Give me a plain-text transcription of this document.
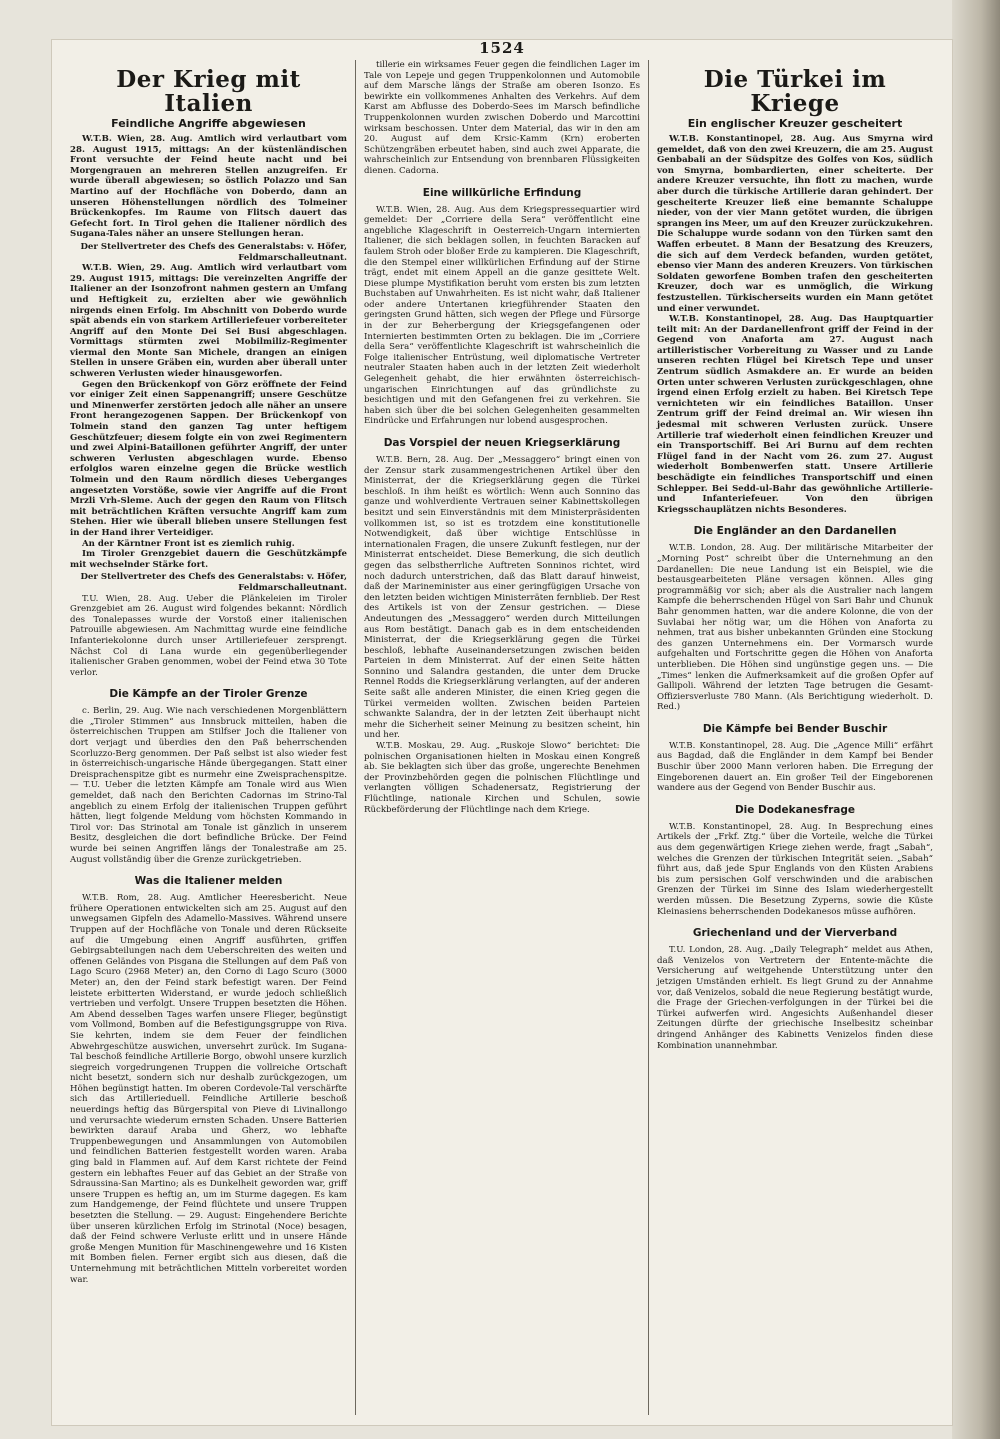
1524
Der Krieg mit Italien
Feindliche Angriffe abgewiesen

W.T.B. Wien, 28. Aug. Amtlich wird verlautbart vom 28. August 1915, mittags: An der küstenländischen Front versuchte der Feind heute nacht und bei Morgengrauen an mehreren Stellen anzugreifen. Er wurde überall abgewiesen; so östlich Polazzo und San Martino auf der Hochfläche von Doberdo, dann an unseren Höhenstellungen nördlich des Tolmeiner Brückenkopfes. Im Raume von Flitsch dauert das Gefecht fort. In Tirol gehen die Italiener nördlich des Sugana-Tales näher an unsere Stellungen heran.

Der Stellvertreter des Chefs des Generalstabs: v. Höfer, Feldmarschalleutnant.

W.T.B. Wien, 29. Aug. Amtlich wird verlautbart vom 29. August 1915, mittags: Die vereinzelten Angriffe der Italiener an der Isonzofront nahmen gestern an Umfang und Heftigkeit zu, erzielten aber wie gewöhnlich nirgends einen Erfolg. Im Abschnitt von Doberdo wurde spät abends ein von starkem Artilleriefeuer vorbereiteter Angriff auf den Monte Dei Sei Busi abgeschlagen. Vormittags stürmten zwei Mobilmiliz-Regimenter viermal den Monte San Michele, drangen an einigen Stellen in unsere Gräben ein, wurden aber überall unter schweren Verlusten wieder hinausgeworfen.

Gegen den Brückenkopf von Görz eröffnete der Feind vor einiger Zeit einen Sappenangriff; unsere Geschütze und Minenwerfer zerstörten jedoch alle näher an unsere Front herangezogenen Sappen. Der Brückenkopf von Tolmein stand den ganzen Tag unter heftigem Geschützfeuer; diesem folgte ein von zwei Regimentern und zwei Alpini-Bataillonen geführter Angriff, der unter schweren Verlusten abgeschlagen wurde. Ebenso erfolglos waren einzelne gegen die Brücke westlich Tolmein und den Raum nördlich dieses Ueberganges angesetzten Vorstöße, sowie vier Angriffe auf die Front Mrzli Vrh-Sleme. Auch der gegen den Raum von Flitsch mit beträchtlichen Kräften versuchte Angriff kam zum Stehen. Hier wie überall blieben unsere Stellungen fest in der Hand ihrer Verteidiger.

An der Kärntner Front ist es ziemlich ruhig.

Im Tiroler Grenzgebiet dauern die Geschützkämpfe mit wechselnder Stärke fort.

Der Stellvertreter des Chefs des Generalstabs: v. Höfer, Feldmarschalleutnant.

T.U. Wien, 28. Aug. Ueber die Plänkeleien im Tiroler Grenzgebiet am 26. August wird folgendes bekannt: Nördlich des Tonalepasses wurde der Vorstoß einer italienischen Patrouille abgewiesen. Am Nachmittag wurde eine feindliche Infanteriekolonne durch unser Artilleriefeuer zersprengt. Nächst Col di Lana wurde ein gegenüberliegender italienischer Graben genommen, wobei der Feind etwa 30 Tote verlor.

Die Kämpfe an der Tiroler Grenze

c. Berlin, 29. Aug. Wie nach verschiedenen Morgenblättern die „Tiroler Stimmen“ aus Innsbruck mitteilen, haben die österreichischen Truppen am Stilfser Joch die Italiener von dort verjagt und überdies den den Paß beherrschenden Scorluzzo-Berg genommen. Der Paß selbst ist also wieder fest in österreichisch-ungarische Hände übergegangen. Statt einer Dreisprachenspitze gibt es nurmehr eine Zweisprachenspitze. — T.U. Ueber die letzten Kämpfe am Tonale wird aus Wien gemeldet, daß nach den Berichten Cadornas im Strino-Tal angeblich zu einem Erfolg der italienischen Truppen geführt hätten, liegt folgende Meldung vom höchsten Kommando in Tirol vor: Das Strinotal am Tonale ist gänzlich in unserem Besitz, desgleichen die dort befindliche Brücke. Der Feind wurde bei seinen Angriffen längs der Tonalestraße am 25. August vollständig über die Grenze zurückgetrieben.

Was die Italiener melden

W.T.B. Rom, 28. Aug. Amtlicher Heeresbericht. Neue frühere Operationen entwickelten sich am 25. August auf den unwegsamen Gipfeln des Adamello-Massives. Während unsere Truppen auf der Hochfläche von Tonale und deren Rückseite auf die Umgebung einen Angriff ausführten, griffen Gebirgsabteilungen nach dem Ueberschreiten des weiten und offenen Geländes von Pisgana die Stellungen auf dem Paß von Lago Scuro (2968 Meter) an, den Corno di Lago Scuro (3000 Meter) an, den der Feind stark befestigt waren. Der Feind leistete erbitterten Widerstand, er wurde jedoch schließlich vertrieben und verfolgt. Unsere Truppen besetzten die Höhen. Am Abend desselben Tages warfen unsere Flieger, begünstigt vom Vollmond, Bomben auf die Befestigungsgruppe von Riva. Sie kehrten, indem sie dem Feuer der feindlichen Abwehrgeschütze auswichen, unversehrt zurück. Im Sugana-Tal beschoß feindliche Artillerie Borgo, obwohl unsere kurzlich siegreich vorgedrungenen Truppen die vollreiche Ortschaft nicht besetzt, sondern sich nur deshalb zurückgezogen, um Höhen begünstigt hatten. Im oberen Cordevole-Tal verschärfte sich das Artillerieduell. Feindliche Artillerie beschoß neuerdings heftig das Bürgerspital von Pieve di Livinallongo und verursachte wiederum ernsten Schaden. Unsere Batterien bewirkten darauf Araba und Gherz, wo lebhafte Truppenbewegungen und Ansammlungen von Automobilen und feindlichen Batterien festgestellt worden waren. Araba ging bald in Flammen auf. Auf dem Karst richtete der Feind gestern ein lebhaftes Feuer auf das Gebiet an der Straße von Sdraussina-San Martino; als es Dunkelheit geworden war, griff unsere Truppen es heftig an, um im Sturme dagegen. Es kam zum Handgemenge, der Feind flüchtete und unsere Truppen besetzten die Stellung. — 29. August: Eingehendere Berichte über unseren kürzlichen Erfolg im Strinotal (Noce) besagen, daß der Feind schwere Verluste erlitt und in unsere Hände große Mengen Munition für Maschinengewehre und 16 Kisten mit Bomben fielen. Ferner ergibt sich aus diesen, daß die Unternehmung mit beträchtlichen Mitteln vorbereitet worden war.

tillerie ein wirksames Feuer gegen die feindlichen Lager im Tale von Lepeje und gegen Truppenkolonnen und Automobile auf dem Marsche längs der Straße am oberen Isonzo. Es bewirkte ein vollkommenes Anhalten des Verkehrs. Auf dem Karst am Abflusse des Doberdo-Sees im Marsch befindliche Truppenkolonnen wurden zwischen Doberdo und Marcottini wirksam beschossen. Unter dem Material, das wir in den am 20. August auf dem Krsic-Kamm (Krn) eroberten Schützengräben erbeutet haben, sind auch zwei Apparate, die wahrscheinlich zur Entsendung von brennbaren Flüssigkeiten dienen. Cadorna.

Eine willkürliche Erfindung

W.T.B. Wien, 28. Aug. Aus dem Kriegspressequartier wird gemeldet: Der „Corriere della Sera“ veröffentlicht eine angebliche Klageschrift in Oesterreich-Ungarn internierten Italiener, die sich beklagen sollen, in feuchten Baracken auf faulem Stroh oder bloßer Erde zu kampieren. Die Klageschrift, die den Stempel einer willkürlichen Erfindung auf der Stirne trägt, endet mit einem Appell an die ganze gesittete Welt. Diese plumpe Mystifikation beruht vom ersten bis zum letzten Buchstaben auf Unwahrheiten. Es ist nicht wahr, daß Italiener oder andere Untertanen kriegführender Staaten den geringsten Grund hätten, sich wegen der Pflege und Fürsorge in der zur Beherbergung der Kriegsgefangenen oder Internierten bestimmten Orten zu beklagen. Die im „Corriere della Sera“ veröffentlichte Klageschrift ist wahrscheinlich die Folge italienischer Entrüstung, weil diplomatische Vertreter neutraler Staaten haben auch in der letzten Zeit wiederholt Gelegenheit gehabt, die hier erwähnten österreichisch-ungarischen Einrichtungen auf das gründlichste zu besichtigen und mit den Gefangenen frei zu verkehren. Sie haben sich über die bei solchen Gelegenheiten gesammelten Eindrücke und Erfahrungen nur lobend ausgesprochen.

Das Vorspiel der neuen Kriegserklärung

W.T.B. Bern, 28. Aug. Der „Messaggero“ bringt einen von der Zensur stark zusammengestrichenen Artikel über den Ministerrat, der die Kriegserklärung gegen die Türkei beschloß. In ihm heißt es wörtlich: Wenn auch Sonnino das ganze und wohlverdiente Vertrauen seiner Kabinettskollegen besitzt und sein Einverständnis mit dem Ministerpräsidenten vollkommen ist, so ist es trotzdem eine konstitutionelle Notwendigkeit, daß über wichtige Entschlüsse in internationalen Fragen, die unsere Zukunft festlegen, nur der Ministerrat entscheidet. Diese Bemerkung, die sich deutlich gegen das selbstherrliche Auftreten Sonninos richtet, wird noch dadurch unterstrichen, daß das Blatt darauf hinweist, daß der Marineminister aus einer geringfügigen Ursache von den letzten beiden wichtigen Ministerräten fernblieb. Der Rest des Artikels ist von der Zensur gestrichen. — Diese Andeutungen des „Messaggero“ werden durch Mitteilungen aus Rom bestätigt. Danach gab es in dem entscheidenden Ministerrat, der die Kriegserklärung gegen die Türkei beschloß, lebhafte Auseinandersetzungen zwischen beiden Parteien in dem Ministerrat. Auf der einen Seite hätten Sonnino und Salandra gestanden, die unter dem Drucke Rennel Rodds die Kriegserklärung verlangten, auf der anderen Seite saßt alle anderen Minister, die einen Krieg gegen die Türkei vermeiden wollten. Zwischen beiden Parteien schwankte Salandra, der in der letzten Zeit überhaupt nicht mehr die Sicherheit seiner Meinung zu besitzen scheint, hin und her.

W.T.B. Moskau, 29. Aug. „Ruskoje Slowo“ berichtet: Die polnischen Organisationen hielten in Moskau einen Kongreß ab. Sie beklagten sich über das große, ungerechte Benehmen der Provinzbehörden gegen die polnischen Flüchtlinge und verlangten völligen Schadenersatz, Registrierung der Flüchtlinge, nationale Kirchen und Schulen, sowie Rückbeförderung der Flüchtlinge nach dem Kriege.

Die Türkei im Kriege
Ein englischer Kreuzer gescheitert

W.T.B. Konstantinopel, 28. Aug. Aus Smyrna wird gemeldet, daß von den zwei Kreuzern, die am 25. August Genbabali an der Südspitze des Golfes von Kos, südlich von Smyrna, bombardierten, einer scheiterte. Der andere Kreuzer versuchte, ihn flott zu machen, wurde aber durch die türkische Artillerie daran gehindert. Der gescheiterte Kreuzer ließ eine bemannte Schaluppe nieder, von der vier Mann getötet wurden, die übrigen sprangen ins Meer, um auf den Kreuzer zurückzukehren. Die Schaluppe wurde sodann von den Türken samt den Waffen erbeutet. 8 Mann der Besatzung des Kreuzers, die sich auf dem Verdeck befanden, wurden getötet, ebenso vier Mann des anderen Kreuzers. Von türkischen Soldaten geworfene Bomben trafen den gescheiterten Kreuzer, doch war es unmöglich, die Wirkung festzustellen. Türkischerseits wurden ein Mann getötet und einer verwundet.

W.T.B. Konstantinopel, 28. Aug. Das Hauptquartier teilt mit: An der Dardanellenfront griff der Feind in der Gegend von Anaforta am 27. August nach artilleristischer Vorbereitung zu Wasser und zu Lande unseren rechten Flügel bei Kiretsch Tepe und unser Zentrum südlich Asmakdere an. Er wurde an beiden Orten unter schweren Verlusten zurückgeschlagen, ohne irgend einen Erfolg erzielt zu haben. Bei Kiretsch Tepe vernichteten wir ein feindliches Bataillon. Unser Zentrum griff der Feind dreimal an. Wir wiesen ihn jedesmal mit schweren Verlusten zurück. Unsere Artillerie traf wiederholt einen feindlichen Kreuzer und ein Transportschiff. Bei Ari Burnu auf dem rechten Flügel fand in der Nacht vom 26. zum 27. August wiederholt Bombenwerfen statt. Unsere Artillerie beschädigte ein feindliches Transportschiff und einen Schlepper. Bei Sedd-ul-Bahr das gewöhnliche Artillerie- und Infanteriefeuer. Von den übrigen Kriegsschauplätzen nichts Besonderes.

Die Engländer an den Dardanellen

W.T.B. London, 28. Aug. Der militärische Mitarbeiter der „Morning Post“ schreibt über die Unternehmung an den Dardanellen: Die neue Landung ist ein Beispiel, wie die bestausgearbeiteten Pläne versagen können. Alles ging programmäßig vor sich; aber als die Australier nach langem Kampfe die beherrschenden Hügel von Sari Bahr und Chunuk Bahr genommen hatten, war die andere Kolonne, die von der Suvlabai her nötig war, um die Höhen von Anaforta zu nehmen, trat aus bisher unbekannten Gründen eine Stockung des ganzen Unternehmens ein. Der Vormarsch wurde aufgehalten und Fortschritte gegen die Höhen von Anaforta unterblieben. Die Höhen sind ungünstige gegen uns. — Die „Times“ lenken die Aufmerksamkeit auf die großen Opfer auf Gallipoli. Während der letzten Tage betrugen die Gesamt-Offiziersverluste 780 Mann. (Als Berichtigung wiederholt. D. Red.)

Die Kämpfe bei Bender Buschir

W.T.B. Konstantinopel, 28. Aug. Die „Agence Milli“ erfährt aus Bagdad, daß die Engländer in dem Kampf bei Bender Buschir über 2000 Mann verloren haben. Die Erregung der Eingeborenen dauert an. Ein großer Teil der Eingeborenen wandere aus der Gegend von Bender Buschir aus.

Die Dodekanesfrage

W.T.B. Konstantinopel, 28. Aug. In Besprechung eines Artikels der „Frkf. Ztg.“ über die Vorteile, welche die Türkei aus dem gegenwärtigen Kriege ziehen werde, fragt „Sabah“, welches die Grenzen der türkischen Integrität seien. „Sabah“ führt aus, daß jede Spur Englands von den Küsten Arabiens bis zum persischen Golf verschwinden und die arabischen Grenzen der Türkei im Sinne des Islam wiederhergestellt werden müssen. Die Besetzung Zyperns, sowie die Küste Kleinasiens beherrschenden Dodekanesos müsse aufhören.

Griechenland und der Vierverband

T.U. London, 28. Aug. „Daily Telegraph“ meldet aus Athen, daß Venizelos von Vertretern der Entente-mächte die Versicherung auf weitgehende Unterstützung unter den jetzigen Umständen erhielt. Es liegt Grund zu der Annahme vor, daß Venizelos, sobald die neue Regierung bestätigt wurde, die Frage der Griechen-verfolgungen in der Türkei bei die Türkei aufwerfen wird. Angesichts Außenhandel dieser Zeitungen dürfte der griechische Inselbesitz scheinbar dringend Anhänger des Kabinetts Venizelos finden diese Kombination unannehmbar.
